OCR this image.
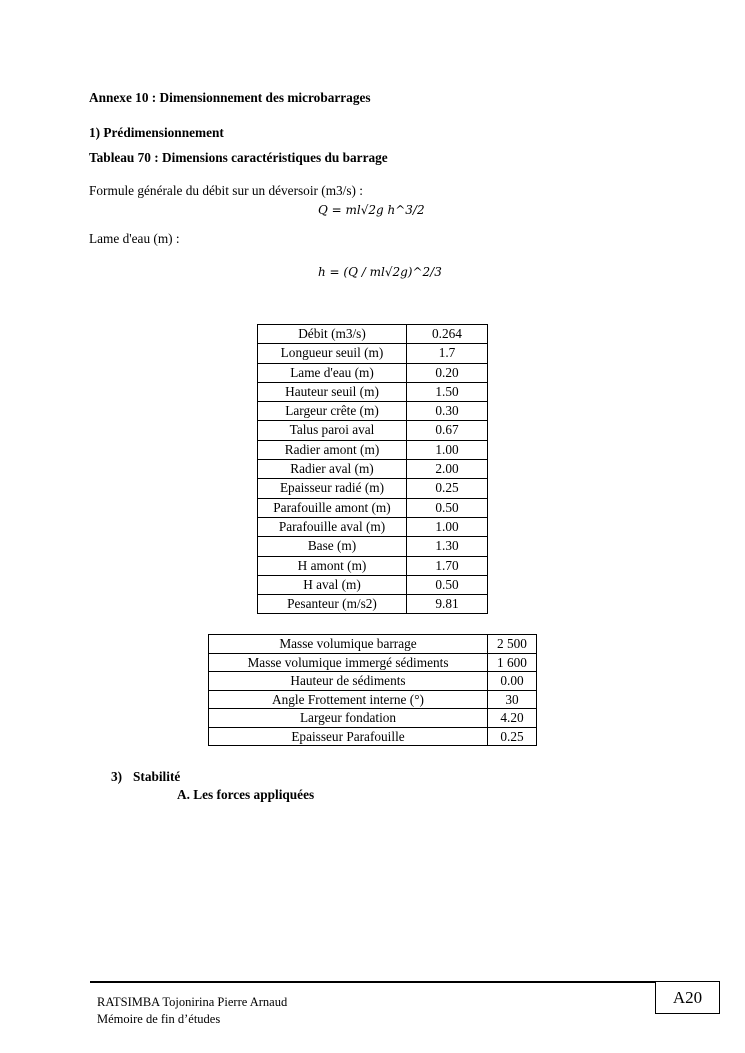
Annexe 10 : Dimensionnement des microbarrages
1) Prédimensionnement
Tableau 70 : Dimensions caractéristiques du barrage
Formule générale du débit sur un déversoir (m3/s) :
Q = ml√2g h^3/2
Lame d'eau (m) :
h = (Q / ml√2g)^2/3
Débit (m3/s)	0.264
Longueur seuil (m)	1.7
Lame d'eau (m)	0.20
Hauteur seuil (m)	1.50
Largeur crête (m)	0.30
Talus paroi aval	0.67
Radier amont (m)	1.00
Radier aval (m)	2.00
Epaisseur radié (m)	0.25
Parafouille amont (m)	0.50
Parafouille aval (m)	1.00
Base (m)	1.30
H amont (m)	1.70
H aval (m)	0.50
Pesanteur (m/s2)	9.81
Masse volumique barrage	2 500
Masse volumique immergé sédiments	1 600
Hauteur de sédiments	0.00
Angle Frottement interne (°)	30
Largeur fondation	4.20
Epaisseur Parafouille	0.25
3) Stabilité
A. Les forces appliquées
A20
RATSIMBA Tojonirina Pierre Arnaud
Mémoire de fin d’études
